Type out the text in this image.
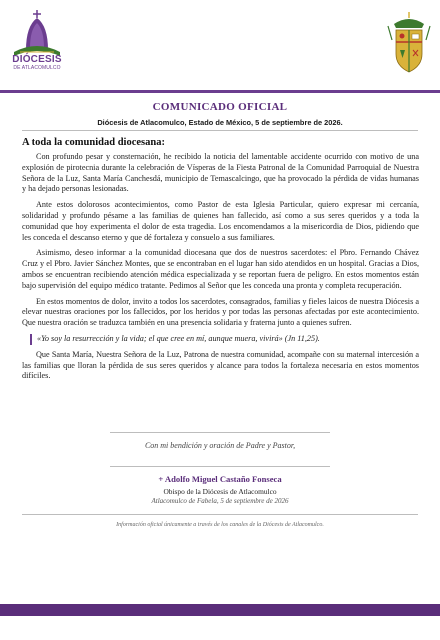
DIÓCESIS
DE ATLACOMULCO
COMUNICADO OFICIAL
Diócesis de Atlacomulco, Estado de México, 5 de septiembre de 2026.
A toda la comunidad diocesana:

Con profundo pesar y consternación, he recibido la noticia del lamentable accidente ocurrido con motivo de una explosión de pirotecnia durante la celebración de Vísperas de la Fiesta Patronal de la Comunidad Parroquial de Nuestra Señora de la Luz, Santa María Canchesdá, municipio de Temascalcingo, que ha provocado la pérdida de vidas humanas y ha dejado personas lesionadas.

Ante estos dolorosos acontecimientos, como Pastor de esta Iglesia Particular, quiero expresar mi cercanía, solidaridad y profundo pésame a las familias de quienes han fallecido, así como a sus seres queridos y a toda la comunidad que hoy experimenta el dolor de esta tragedia. Los encomendamos a la misericordia de Dios, pidiendo que les conceda el descanso eterno y que dé fortaleza y consuelo a sus familiares.

Asimismo, deseo informar a la comunidad diocesana que dos de nuestros sacerdotes: el Pbro. Fernando Chávez Cruz y el Pbro. Javier Sánchez Montes, que se encontraban en el lugar han sido atendidos en un hospital. Gracias a Dios, ambos se encuentran recibiendo atención médica especializada y se reportan fuera de peligro. En estos momentos están bajo supervisión del equipo médico tratante. Pedimos al Señor que les conceda una pronta y completa recuperación.

En estos momentos de dolor, invito a todos los sacerdotes, consagrados, familias y fieles laicos de nuestra Diócesis a elevar nuestras oraciones por los fallecidos, por los heridos y por todas las personas afectadas por este acontecimiento. Que nuestra oración se traduzca también en una presencia solidaria y fraterna junto a quienes sufren.

«Yo soy la resurrección y la vida; el que cree en mí, aunque muera, vivirá» (Jn 11,25).

Que Santa María, Nuestra Señora de la Luz, Patrona de nuestra comunidad, acompañe con su maternal intercesión a las familias que lloran la pérdida de sus seres queridos y alcance para todos la fortaleza necesaria en estos momentos difíciles.

Con mi bendición y oración de Padre y Pastor,
+ Adolfo Miguel Castaño Fonseca
Obispo de la Diócesis de Atlacomulco
Atlacomulco de Fabela, 5 de septiembre de 2026
Información oficial únicamente a través de los canales de la Diócesis de Atlacomulco.
